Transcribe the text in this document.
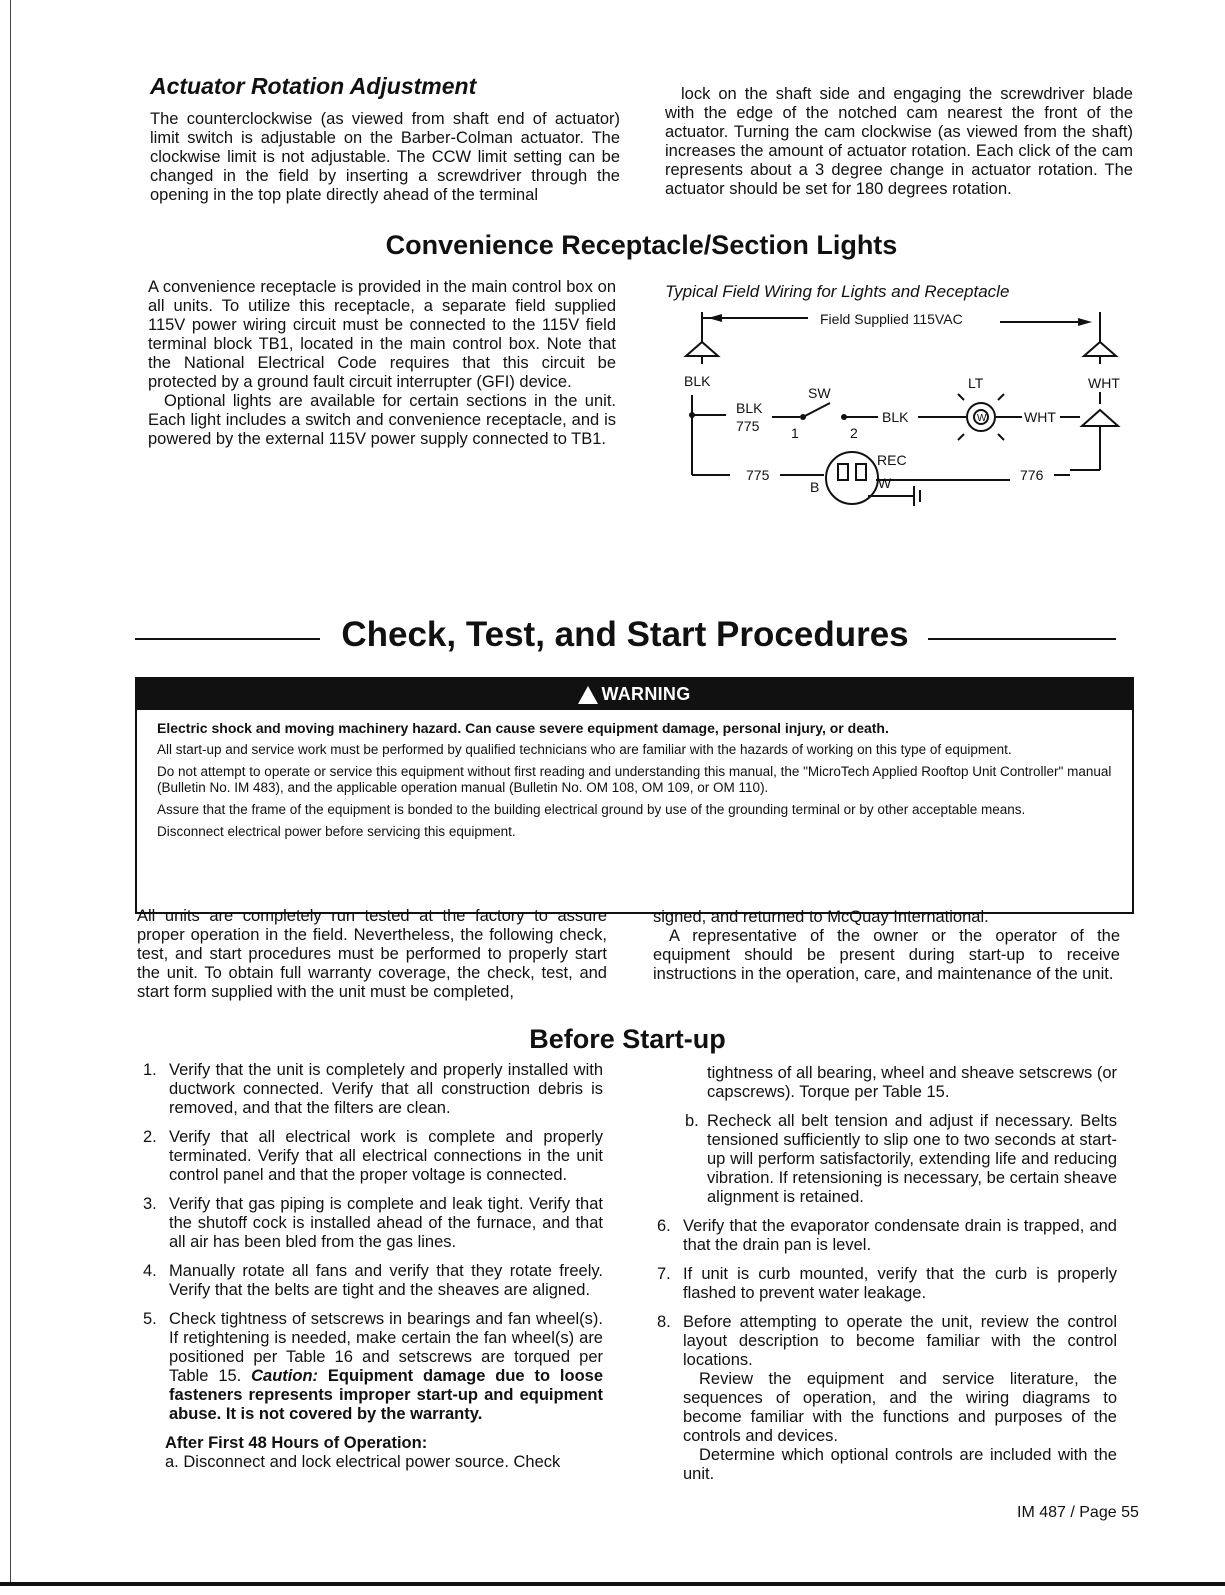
Actuator Rotation Adjustment

The counterclockwise (as viewed from shaft end of actuator) limit switch is adjustable on the Barber-Colman actuator. The clockwise limit is not adjustable. The CCW limit setting can be changed in the field by inserting a screwdriver through the opening in the top plate directly ahead of the terminal

lock on the shaft side and engaging the screwdriver blade with the edge of the notched cam nearest the front of the actuator. Turning the cam clockwise (as viewed from the shaft) increases the amount of actuator rotation. Each click of the cam represents about a 3 degree change in actuator rotation. The actuator should be set for 180 degrees rotation.

Convenience Receptacle/Section Lights

A convenience receptacle is provided in the main control box on all units. To utilize this receptacle, a separate field supplied 115V power wiring circuit must be connected to the 115V field terminal block TB1, located in the main control box. Note that the National Electrical Code requires that this circuit be protected by a ground fault circuit interrupter (GFI) device.

Optional lights are available for certain sections in the unit. Each light includes a switch and convenience receptacle, and is powered by the external 115V power supply connected to TB1.

Typical Field Wiring for Lights and Receptacle
Field Supplied 115VAC
BLK	WHT
BLK
775
SW
1	2
BLK	W
LT
WHT
775
REC
W
B
776
Check, Test, and Start Procedures
WARNING

Electric shock and moving machinery hazard. Can cause severe equipment damage, personal injury, or death.

All start-up and service work must be performed by qualified technicians who are familiar with the hazards of working on this type of equipment.

Do not attempt to operate or service this equipment without first reading and understanding this manual, the "MicroTech Applied Rooftop Unit Controller" manual (Bulletin No. IM 483), and the applicable operation manual (Bulletin No. OM 108, OM 109, or OM 110).

Assure that the frame of the equipment is bonded to the building electrical ground by use of the grounding terminal or by other acceptable means.

Disconnect electrical power before servicing this equipment.

All units are completely run tested at the factory to assure proper operation in the field. Nevertheless, the following check, test, and start procedures must be performed to properly start the unit. To obtain full warranty coverage, the check, test, and start form supplied with the unit must be completed,

signed, and returned to McQuay International.

A representative of the owner or the operator of the equipment should be present during start-up to receive instructions in the operation, care, and maintenance of the unit.

Before Start-up
1. Verify that the unit is completely and properly installed with ductwork connected. Verify that all construction debris is removed, and that the filters are clean.
2. Verify that all electrical work is complete and properly terminated. Verify that all electrical connections in the unit control panel and that the proper voltage is connected.
3. Verify that gas piping is complete and leak tight. Verify that the shutoff cock is installed ahead of the furnace, and that all air has been bled from the gas lines.
4. Manually rotate all fans and verify that they rotate freely. Verify that the belts are tight and the sheaves are aligned.
5. Check tightness of setscrews in bearings and fan wheel(s). If retightening is needed, make certain the fan wheel(s) are positioned per Table 16 and setscrews are torqued per Table 15. Caution: Equipment damage due to loose fasteners represents improper start-up and equipment abuse. It is not covered by the warranty.
After First 48 Hours of Operation:
a. Disconnect and lock electrical power source. Check
tightness of all bearing, wheel and sheave setscrews (or capscrews). Torque per Table 15.
b. Recheck all belt tension and adjust if necessary. Belts tensioned sufficiently to slip one to two seconds at start-up will perform satisfactorily, extending life and reducing vibration. If retensioning is necessary, be certain sheave alignment is retained.
6. Verify that the evaporator condensate drain is trapped, and that the drain pan is level.
7. If unit is curb mounted, verify that the curb is properly flashed to prevent water leakage.
8. Before attempting to operate the unit, review the control layout description to become familiar with the control locations.
Review the equipment and service literature, the sequences of operation, and the wiring diagrams to become familiar with the functions and purposes of the controls and devices.
Determine which optional controls are included with the unit.
IM 487 / Page 55
